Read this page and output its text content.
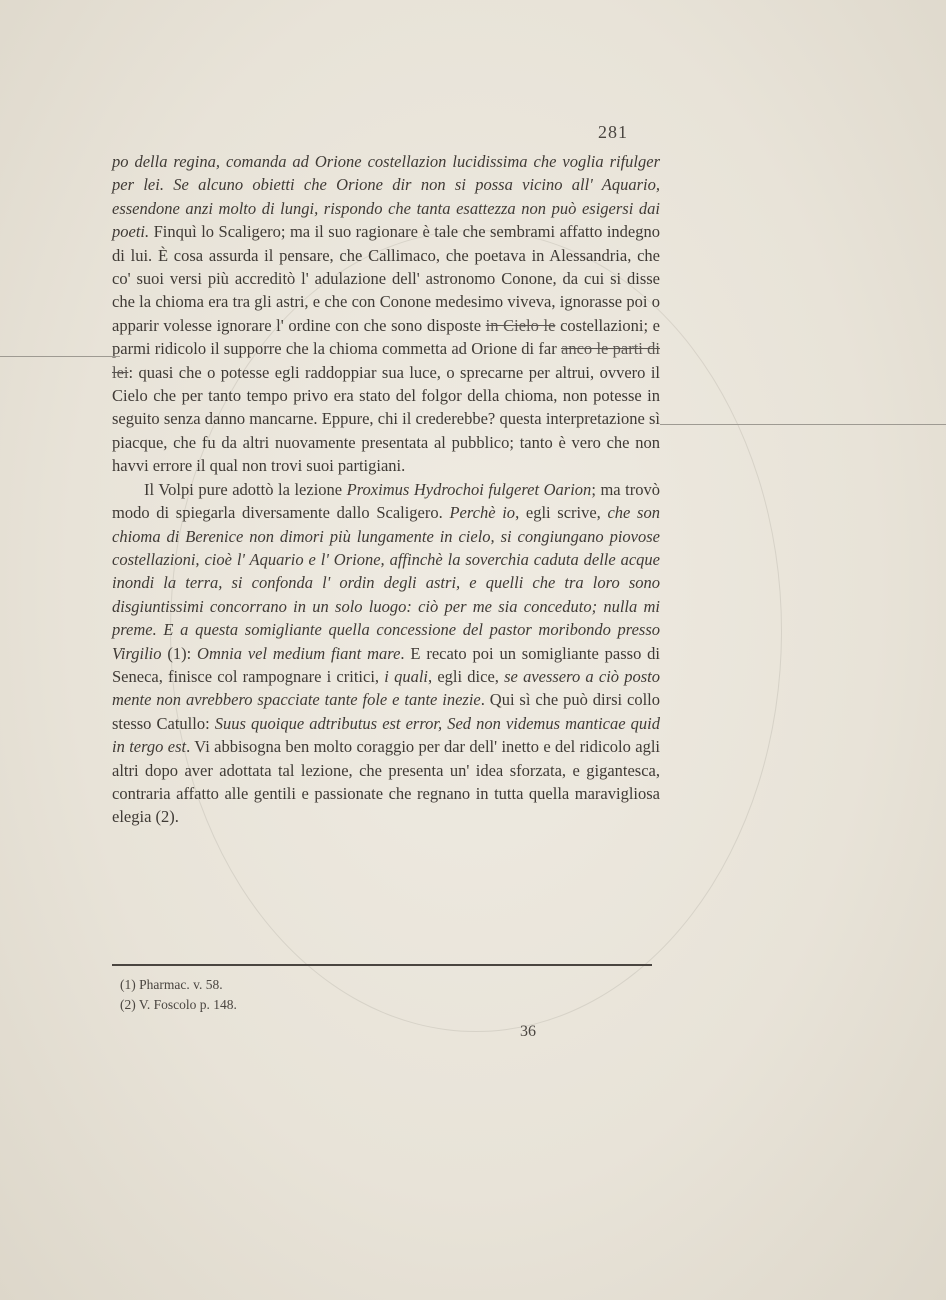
281

po della regina, comanda ad Orione costellazion lucidissima che voglia rifulger per lei. Se alcuno obietti che Orione dir non si possa vicino all' Aquario, essendone anzi molto di lungi, rispondo che tanta esattezza non può esigersi dai poeti. Finquì lo Scaligero; ma il suo ragionare è tale che sembrami affatto indegno di lui. È cosa assurda il pensare, che Callimaco, che poetava in Alessandria, che co' suoi versi più accreditò l' adulazione dell' astronomo Conone, da cui si disse che la chioma era tra gli astri, e che con Conone medesimo viveva, ignorasse poi o apparir volesse ignorare l' ordine con che sono disposte in Cielo le costellazioni; e parmi ridicolo il supporre che la chioma commetta ad Orione di far anco le parti di lei: quasi che o potesse egli raddoppiar sua luce, o sprecarne per altrui, ovvero il Cielo che per tanto tempo privo era stato del folgor della chioma, non potesse in seguito senza danno mancarne. Eppure, chi il crederebbe? questa interpretazione sì piacque, che fu da altri nuovamente presentata al pubblico; tanto è vero che non havvi errore il qual non trovi suoi partigiani.

Il Volpi pure adottò la lezione Proximus Hydrochoi fulgeret Oarion; ma trovò modo di spiegarla diversamente dallo Scaligero. Perchè io, egli scrive, che son chioma di Berenice non dimori più lungamente in cielo, si congiungano piovose costellazioni, cioè l' Aquario e l' Orione, affinchè la soverchia caduta delle acque inondi la terra, si confonda l' ordin degli astri, e quelli che tra loro sono disgiuntissimi concorrano in un solo luogo: ciò per me sia conceduto; nulla mi preme. E a questa somigliante quella concessione del pastor moribondo presso Virgilio (1): Omnia vel medium fiant mare. E recato poi un somigliante passo di Seneca, finisce col rampognare i critici, i quali, egli dice, se avessero a ciò posto mente non avrebbero spacciate tante fole e tante inezie. Qui sì che può dirsi collo stesso Catullo: Suus quoique adtributus est error, Sed non videmus manticae quid in tergo est. Vi abbisogna ben molto coraggio per dar dell' inetto e del ridicolo agli altri dopo aver adottata tal lezione, che presenta un' idea sforzata, e gigantesca, contraria affatto alle gentili e passionate che regnano in tutta quella maravigliosa elegia (2).

(1) Pharmac. v. 58.
(2) V. Foscolo p. 148.
36
